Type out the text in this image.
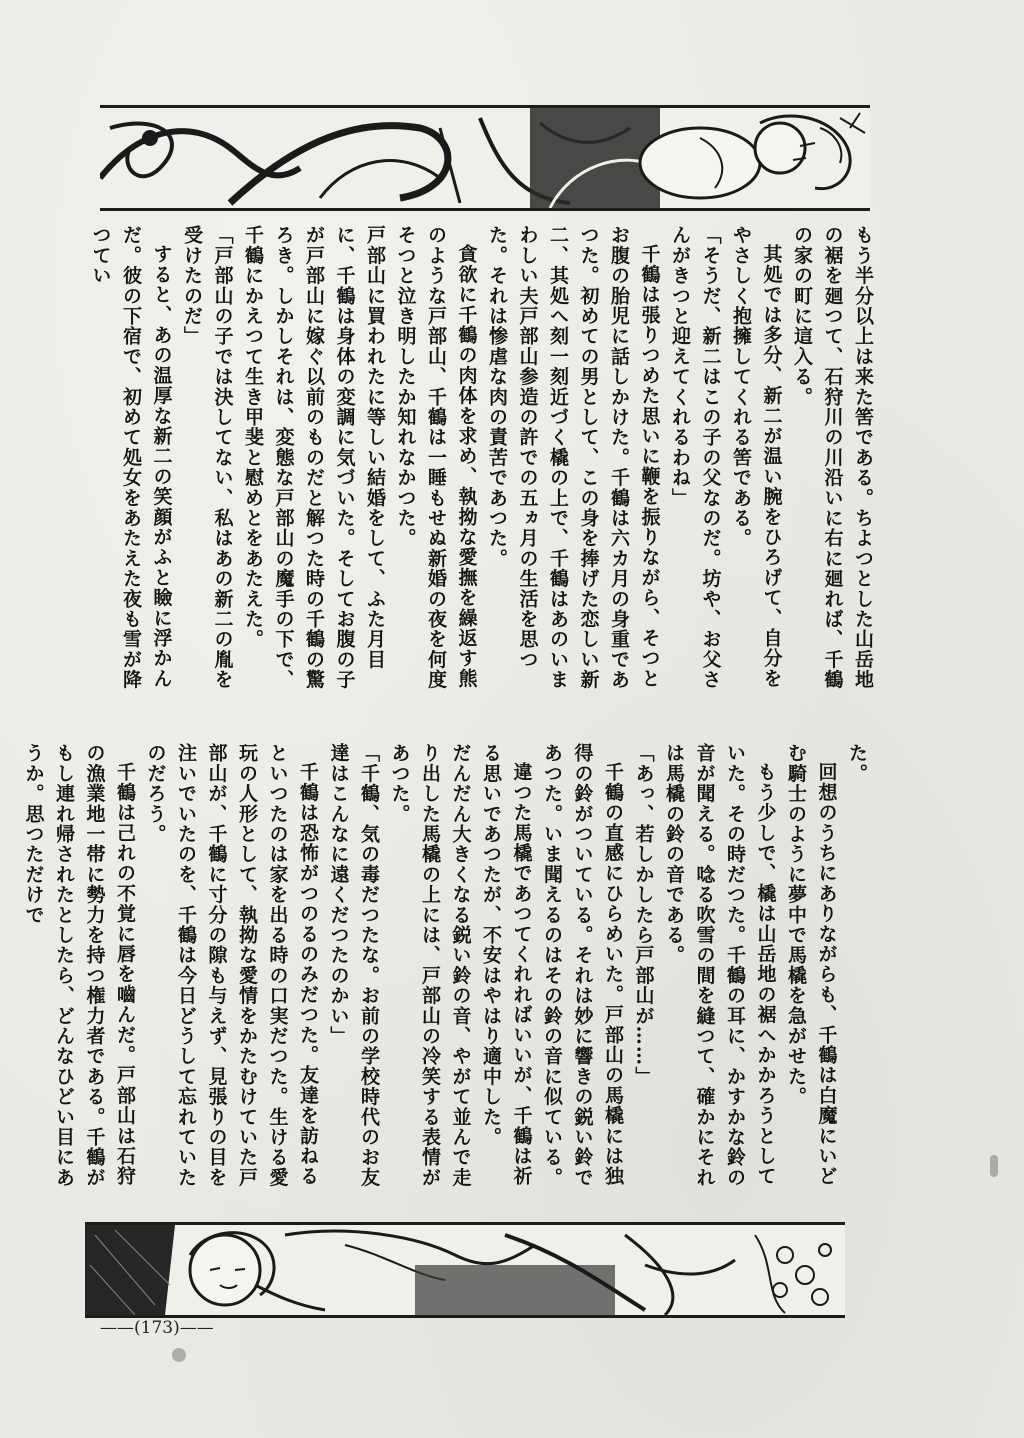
もう半分以上は来た筈である。ちよつとした山岳地の裾を廻つて、石狩川の川沿いに右に廻れば、千鶴の家の町に這入る。

其処では多分、新二が温い腕をひろげて、自分をやさしく抱擁してくれる筈である。

「そうだ、新二はこの子の父なのだ。坊や、お父さんがきつと迎えてくれるわね」

千鶴は張りつめた思いに鞭を振りながら、そつとお腹の胎児に話しかけた。千鶴は六カ月の身重であつた。初めての男として、この身を捧げた恋しい新二、其処へ刻一刻近づく橇の上で、千鶴はあのいまわしい夫戸部山参造の許での五ヵ月の生活を思つた。それは惨虐な肉の責苦であつた。

貪欲に千鶴の肉体を求め、執拗な愛撫を繰返す熊のような戸部山、千鶴は一睡もせぬ新婚の夜を何度そつと泣き明したか知れなかつた。

戸部山に買われたに等しい結婚をして、ふた月目に、千鶴は身体の変調に気づいた。そしてお腹の子が戸部山に嫁ぐ以前のものだと解つた時の千鶴の驚ろき。しかしそれは、変態な戸部山の魔手の下で、千鶴にかえつて生き甲斐と慰めとをあたえた。

「戸部山の子では決してない、私はあの新二の胤を受けたのだ」

すると、あの温厚な新二の笑顔がふと瞼に浮かんだ。彼の下宿で、初めて処女をあたえた夜も雪が降つてい

た。

回想のうちにありながらも、千鶴は白魔にいどむ騎士のように夢中で馬橇を急がせた。

もう少しで、橇は山岳地の裾へかかろうとしていた。その時だつた。千鶴の耳に、かすかな鈴の音が聞える。唸る吹雪の間を縫つて、確かにそれは馬橇の鈴の音である。

「あっ、若しかしたら戸部山が……」

千鶴の直感にひらめいた。戸部山の馬橇には独得の鈴がついている。それは妙に響きの鋭い鈴であつた。いま聞えるのはその鈴の音に似ている。

違つた馬橇であつてくれればいいが、千鶴は祈る思いであつたが、不安はやはり適中した。

だんだん大きくなる鋭い鈴の音、やがて並んで走り出した馬橇の上には、戸部山の冷笑する表情があつた。

「千鶴、気の毒だつたな。お前の学校時代のお友達はこんなに遠くだつたのかい」

千鶴は恐怖がつのるのみだつた。友達を訪ねるといつたのは家を出る時の口実だつた。生ける愛玩の人形として、執拗な愛情をかたむけていた戸部山が、千鶴に寸分の隙も与えず、見張りの目を注いでいたのを、千鶴は今日どうして忘れていたのだろう。

千鶴は己れの不覚に唇を嚙んだ。戸部山は石狩の漁業地一帯に勢力を持つ権力者である。千鶴がもし連れ帰されたとしたら、どんなひどい目にあうか。思つただけで

——(173)——
